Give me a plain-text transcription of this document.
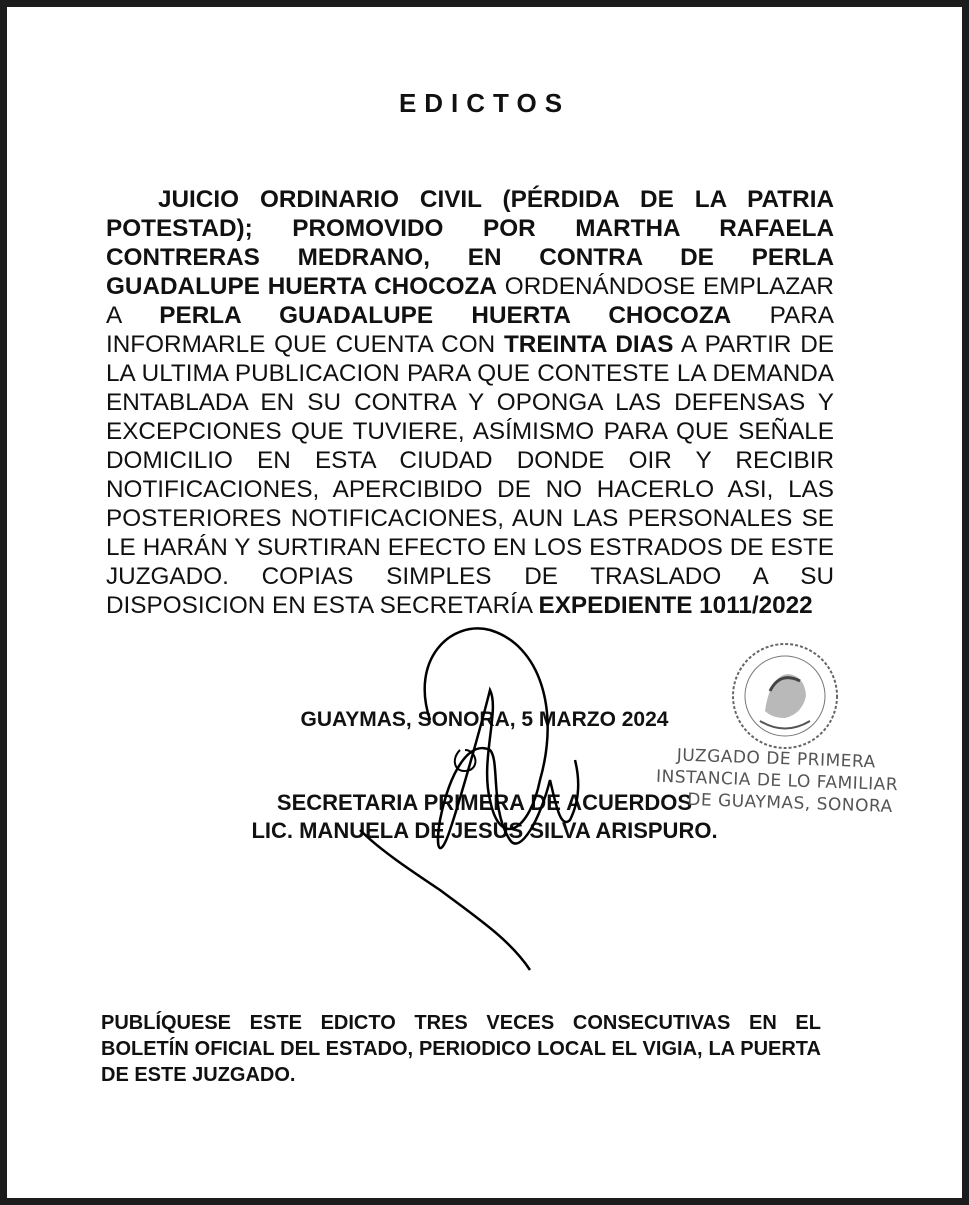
EDICTOS
JUICIO ORDINARIO CIVIL (PÉRDIDA DE LA PATRIA POTESTAD); PROMOVIDO POR MARTHA RAFAELA CONTRERAS MEDRANO, EN CONTRA DE PERLA GUADALUPE HUERTA CHOCOZA ORDENÁNDOSE EMPLAZAR A PERLA GUADALUPE HUERTA CHOCOZA PARA INFORMARLE QUE CUENTA CON TREINTA DIAS A PARTIR DE LA ULTIMA PUBLICACION PARA QUE CONTESTE LA DEMANDA ENTABLADA EN SU CONTRA Y OPONGA LAS DEFENSAS Y EXCEPCIONES QUE TUVIERE, ASÍMISMO PARA QUE SEÑALE DOMICILIO EN ESTA CIUDAD DONDE OIR Y RECIBIR NOTIFICACIONES, APERCIBIDO DE NO HACERLO ASI, LAS POSTERIORES NOTIFICACIONES, AUN LAS PERSONALES SE LE HARÁN Y SURTIRAN EFECTO EN LOS ESTRADOS DE ESTE JUZGADO. COPIAS SIMPLES DE TRASLADO A SU DISPOSICION EN ESTA SECRETARÍA EXPEDIENTE 1011/2022
GUAYMAS, SONORA, 5 MARZO 2024
SECRETARIA PRIMERA DE ACUERDOS
LIC. MANUELA DE JESUS SILVA ARISPURO.
JUZGADO DE PRIMERA
INSTANCIA DE LO FAMILIAR
DE GUAYMAS, SONORA
PUBLÍQUESE ESTE EDICTO TRES VECES CONSECUTIVAS EN EL BOLETÍN OFICIAL DEL ESTADO, PERIODICO LOCAL EL VIGIA, LA PUERTA DE ESTE JUZGADO.
